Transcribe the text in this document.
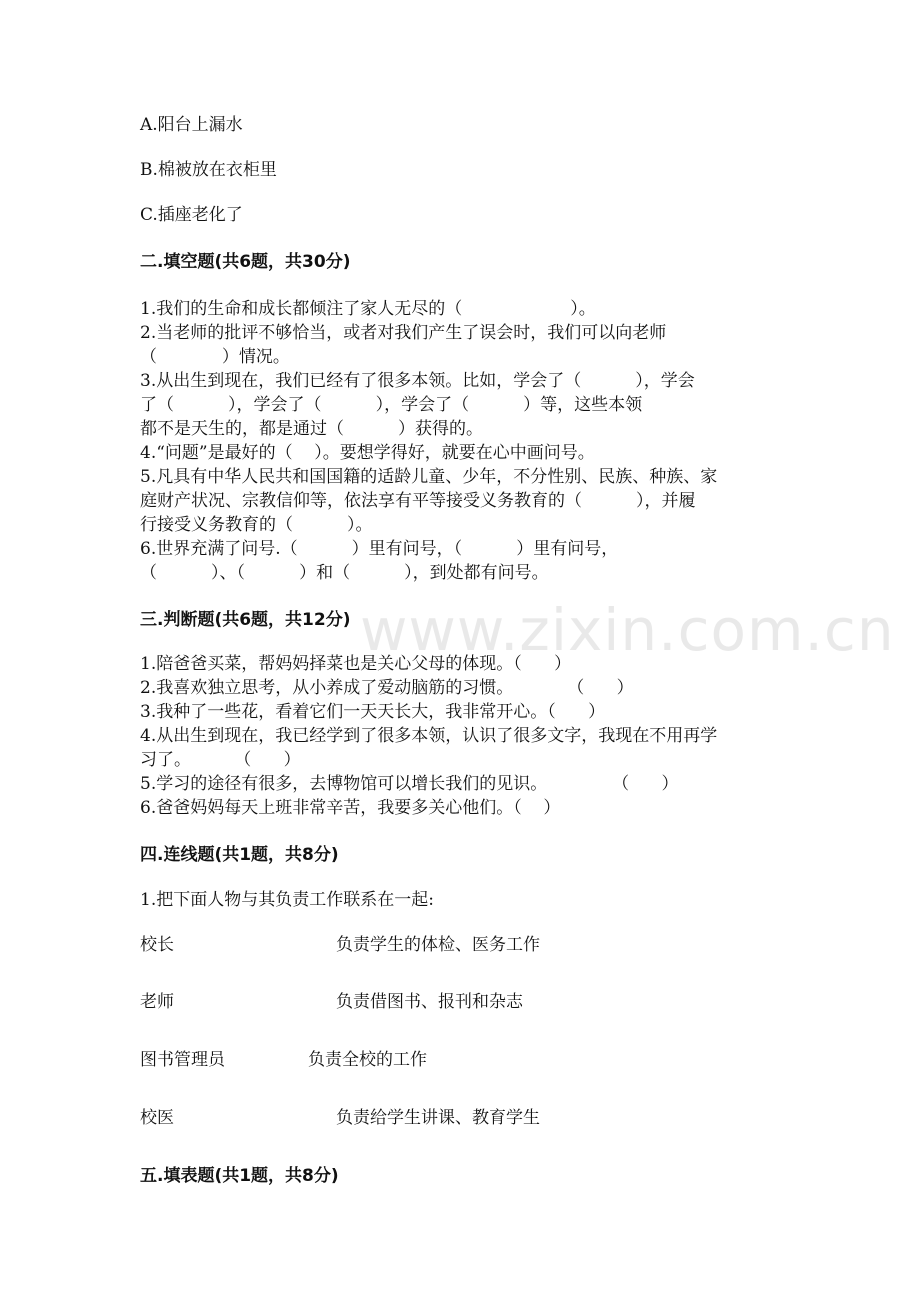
A.阳台上漏水
B.棉被放在衣柜里
C.插座老化了
二.填空题(共6题，共30分)
1.我们的生命和成长都倾注了家人无尽的（                    ）。
2.当老师的批评不够恰当，或者对我们产生了误会时，我们可以向老师
（            ）情况。
3.从出生到现在，我们已经有了很多本领。比如，学会了（          ），学会
了（          ），学会了（          ），学会了（          ）等，这些本领
都不是天生的，都是通过（          ）获得的。
4.“问题”是最好的（    ）。要想学得好，就要在心中画问号。
5.凡具有中华人民共和国国籍的适龄儿童、少年，不分性别、民族、种族、家
庭财产状况、宗教信仰等，依法享有平等接受义务教育的（          ），并履
行接受义务教育的（          ）。
6.世界充满了问号.（          ）里有问号，（          ）里有问号，
（          ）、（          ）和（          ），到处都有问号。
三.判断题(共6题，共12分)
1.陪爸爸买菜，帮妈妈择菜也是关心父母的体现。（      ）
2.我喜欢独立思考，从小养成了爱动脑筋的习惯。          （      ）
3.我种了一些花，看着它们一天天长大，我非常开心。（      ）
4.从出生到现在，我已经学到了很多本领，认识了很多文字，我现在不用再学
习了。        （      ）
5.学习的途径有很多，去博物馆可以增长我们的见识。            （      ）
6.爸爸妈妈每天上班非常辛苦，我要多关心他们。（    ）
四.连线题(共1题，共8分)
1.把下面人物与其负责工作联系在一起:
校长	负责学生的体检、医务工作
老师	负责借图书、报刊和杂志
图书管理员	负责全校的工作
校医	负责给学生讲课、教育学生
五.填表题(共1题，共8分)
www.zixin.com.cn
